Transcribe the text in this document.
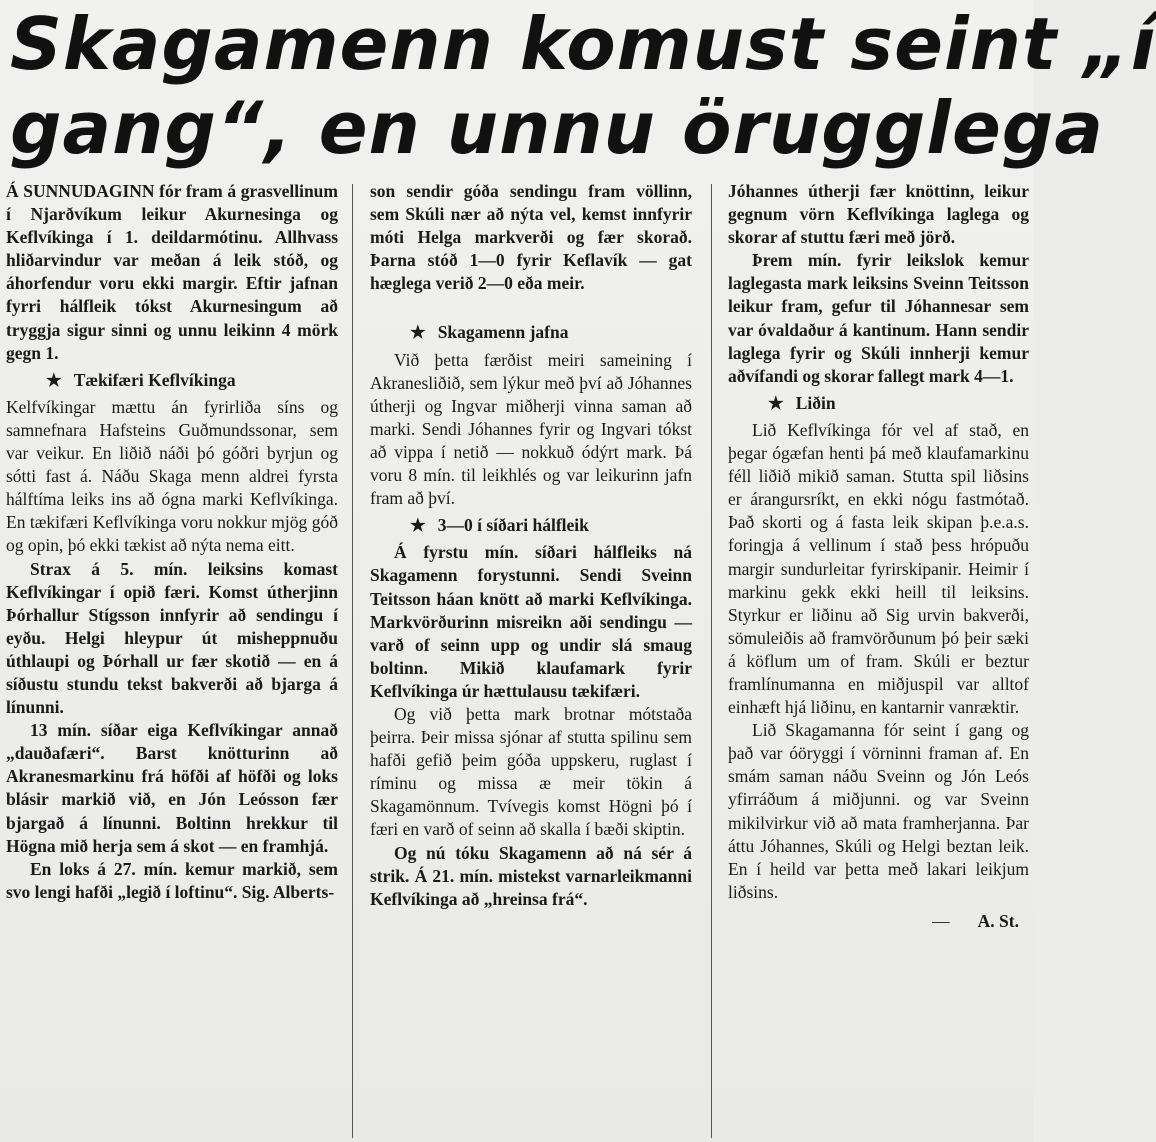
Skagamenn komust seint „í
gang“, en unnu örugglega

Á SUNNUDAGINN fór fram á grasvellinum í Njarðvíkum leikur Akurnesinga og Keflvíkinga í 1. deildarmótinu. Allhvass hliðarvindur var meðan á leik stóð, og áhorfendur voru ekki margir. Eftir jafnan fyrri hálfleik tókst Akurnesingum að tryggja sigur sinni og unnu leikinn 4 mörk gegn 1.

★ Tækifæri Keflvíkinga

Kelfvíkingar mættu án fyrirliða síns og samnefnara Hafsteins Guðmundssonar, sem var veikur. En liðið náði þó góðri byrjun og sótti fast á. Náðu Skaga menn aldrei fyrsta hálftíma leiks ins að ógna marki Keflvíkinga. En tækifæri Keflvíkinga voru nokkur mjög góð og opin, þó ekki tækist að nýta nema eitt.

Strax á 5. mín. leiksins komast Keflvíkingar í opið færi. Komst útherjinn Þórhallur Stígsson innfyrir að sendingu í eyðu. Helgi hleypur út misheppnuðu úthlaupi og Þórhall ur fær skotið — en á síðustu stundu tekst bakverði að bjarga á línunni.

13 mín. síðar eiga Keflvíkingar annað „dauðafæri“. Barst knötturinn að Akranesmarkinu frá höfði af höfði og loks blásir markið við, en Jón Leósson fær bjargað á línunni. Boltinn hrekkur til Högna mið herja sem á skot — en framhjá.

En loks á 27. mín. kemur markið, sem svo lengi hafði „legið í loftinu“. Sig. Alberts-

son sendir góða sendingu fram völlinn, sem Skúli nær að nýta vel, kemst innfyrir móti Helga markverði og fær skorað. Þarna stóð 1—0 fyrir Keflavík — gat hæglega verið 2—0 eða meir.

★ Skagamenn jafna

Við þetta færðist meiri sameining í Akranesliðið, sem lýkur með því að Jóhannes útherji og Ingvar miðherji vinna saman að marki. Sendi Jóhannes fyrir og Ingvari tókst að vippa í netið — nokkuð ódýrt mark. Þá voru 8 mín. til leikhlés og var leikurinn jafn fram að því.

★ 3—0 í síðari hálfleik

Á fyrstu mín. síðari hálfleiks ná Skagamenn forystunni. Sendi Sveinn Teitsson háan knött að marki Keflvíkinga. Markvörðurinn misreikn aði sendingu — varð of seinn upp og undir slá smaug boltinn. Mikið klaufamark fyrir Keflvíkinga úr hættulausu tækifæri.

Og við þetta mark brotnar mótstaða þeirra. Þeir missa sjónar af stutta spilinu sem hafði gefið þeim góða uppskeru, ruglast í ríminu og missa æ meir tökin á Skagamönnum. Tvívegis komst Högni þó í færi en varð of seinn að skalla í bæði skiptin.

Og nú tóku Skagamenn að ná sér á strik. Á 21. mín. mistekst varnarleikmanni Keflvíkinga að „hreinsa frá“.

Jóhannes útherji fær knöttinn, leikur gegnum vörn Keflvíkinga laglega og skorar af stuttu færi með jörð.

Þrem mín. fyrir leikslok kemur laglegasta mark leiksins Sveinn Teitsson leikur fram, gefur til Jóhannesar sem var óvaldaður á kantinum. Hann sendir laglega fyrir og Skúli innherji kemur aðvífandi og skorar fallegt mark 4—1.

★ Liðin

Lið Keflvíkinga fór vel af stað, en þegar ógæfan henti þá með klaufamarkinu féll liðið mikið saman. Stutta spil liðsins er árangursríkt, en ekki nógu fastmótað. Það skorti og á fasta leik skipan þ.e.a.s. foringja á vellinum í stað þess hrópuðu margir sundurleitar fyrirskipanir. Heimir í markinu gekk ekki heill til leiksins. Styrkur er liðinu að Sig urvin bakverði, sömuleiðis að framvörðunum þó þeir sæki á köflum um of fram. Skúli er beztur framlínumanna en miðjuspil var alltof einhæft hjá liðinu, en kantarnir vanræktir.

Lið Skagamanna fór seint í gang og það var óöryggi í vörninni framan af. En smám saman náðu Sveinn og Jón Leós yfirráðum á miðjunni. og var Sveinn mikilvirkur við að mata framherjanna. Þar áttu Jóhannes, Skúli og Helgi beztan leik. En í heild var þetta með lakari leikjum liðsins.

— A. St.
